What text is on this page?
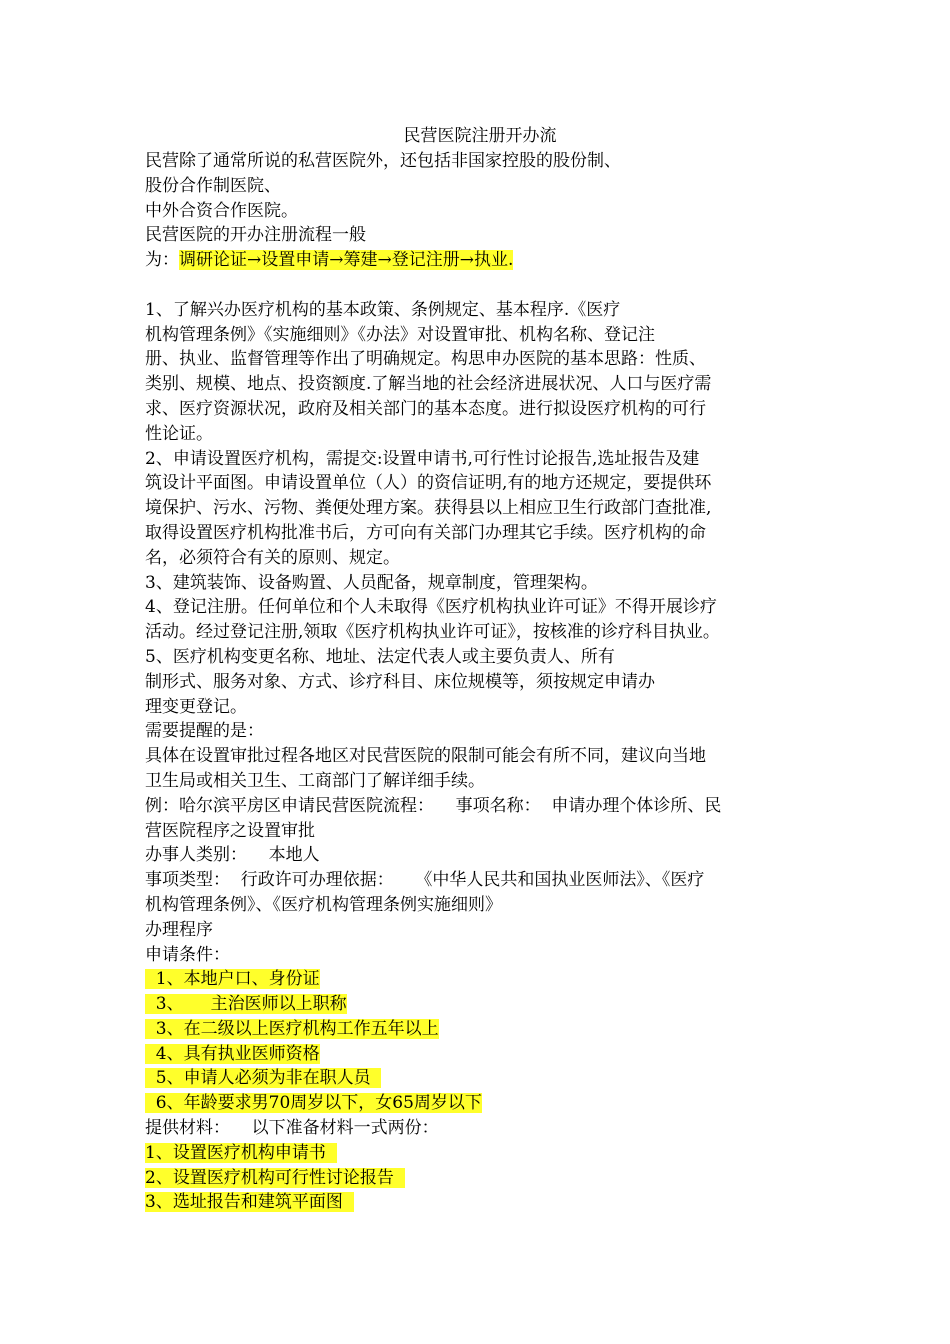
民营医院注册开办流
民营除了通常所说的私营医院外，还包括非国家控股的股份制、
股份合作制医院、
中外合资合作医院。
民营医院的开办注册流程一般
为：调研论证→设置申请→筹建→登记注册→执业.
1、了解兴办医疗机构的基本政策、条例规定、基本程序.《医疗
机构管理条例》《实施细则》《办法》对设置审批、机构名称、登记注
册、执业、监督管理等作出了明确规定。构思申办医院的基本思路：性质、
类别、规模、地点、投资额度.了解当地的社会经济进展状况、人口与医疗需
求、医疗资源状况，政府及相关部门的基本态度。进行拟设医疗机构的可行
性论证。
2、申请设置医疗机构，需提交:设置申请书,可行性讨论报告,选址报告及建
筑设计平面图。申请设置单位（人）的资信证明,有的地方还规定，要提供环
境保护、污水、污物、粪便处理方案。获得县以上相应卫生行政部门查批准,
取得设置医疗机构批准书后，方可向有关部门办理其它手续。医疗机构的命
名，必须符合有关的原则、规定。
3、建筑装饰、设备购置、人员配备，规章制度，管理架构。
4、登记注册。任何单位和个人未取得《医疗机构执业许可证》不得开展诊疗
活动。经过登记注册,领取《医疗机构执业许可证》，按核准的诊疗科目执业。
5、医疗机构变更名称、地址、法定代表人或主要负责人、所有
制形式、服务对象、方式、诊疗科目、床位规模等，须按规定申请办
理变更登记。
需要提醒的是：
具体在设置审批过程各地区对民营医院的限制可能会有所不同，建议向当地
卫生局或相关卫生、工商部门了解详细手续。
例：哈尔滨平房区申请民营医院流程：    事项名称：  申请办理个体诊所、民
营医院程序之设置审批
办事人类别：    本地人
事项类型：  行政许可办理依据：    《中华人民共和国执业医师法》、《医疗
机构管理条例》、《医疗机构管理条例实施细则》
办理程序
申请条件：
1、本地户口、身份证
3、     主治医师以上职称
3、在二级以上医疗机构工作五年以上
4、具有执业医师资格
5、申请人必须为非在职人员
6、年龄要求男70周岁以下，女65周岁以下
提供材料：    以下准备材料一式两份：
1、设置医疗机构申请书
2、设置医疗机构可行性讨论报告
3、选址报告和建筑平面图
